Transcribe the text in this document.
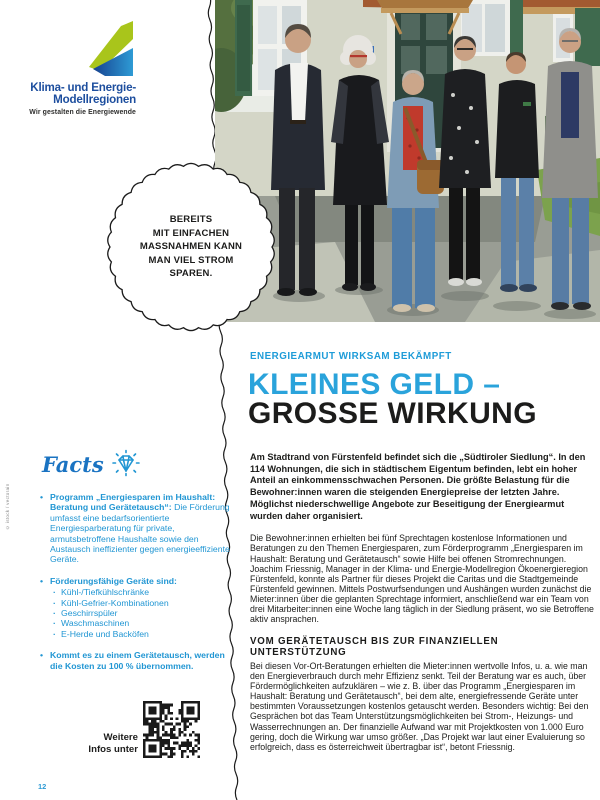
Klima- und Energie-
Modellregionen
Wir gestalten die Energiewende
BEREITS
MIT EINFACHEN
MASSNAHMEN KANN
MAN VIEL STROM
SPAREN.
ENERGIEARMUT WIRKSAM BEKÄMPFT
KLEINES GELD –
GROSSE WIRKUNG

Am Stadtrand von Fürstenfeld befindet sich die „Südtiroler Siedlung“. In den 114 Wohnungen, die sich in städtischem Eigentum befinden, lebt ein hoher Anteil an einkommensschwachen Personen. Die größte Belastung für die Bewohner:innen waren die steigenden Energiepreise der letzten Jahre. Möglichst niederschwellige Angebote zur Beseitigung der Energiearmut wurden daher organisiert.

Die Bewohner:innen erhielten bei fünf Sprechtagen kostenlose Informationen und Beratungen zu den Themen Energiesparen, zum Förderprogramm „Energiesparen im Haushalt: Beratung und Gerätetausch“ sowie Hilfe bei offenen Stromrechnungen. Joachim Friessnig, Manager in der Klima- und Energie-Modellregion Ökoenergieregion Fürstenfeld, konnte als Partner für dieses Projekt die Caritas und die Stadtgemeinde Fürstenfeld gewinnen. Mittels Postwurfsendungen und Aushängen wurden zunächst die Mieter:innen über die geplanten Sprechtage informiert, anschließend war ein Team von drei Mitarbeiter:innen eine Woche lang täglich in der Siedlung präsent, wo sie Betroffene aktiv ansprachen.

VOM GERÄTETAUSCH BIS ZUR FINANZIELLEN UNTERSTÜTZUNG

Bei diesen Vor-Ort-Beratungen erhielten die Mieter:innen wertvolle Infos, u. a. wie man den Energieverbrauch durch mehr Effizienz senkt. Teil der Beratung war es auch, über Fördermöglichkeiten aufzuklären – wie z. B. über das Programm „Energiesparen im Haushalt: Beratung und Gerätetausch“, bei dem alte, energiefressende Geräte unter bestimmten Voraussetzungen kostenlos getauscht werden. Besonders wichtig: Bei den Gesprächen bot das Team Unterstützungsmöglichkeiten bei Strom-, Heizungs- und Wasserrechnungen an. Der finanzielle Aufwand war mit Projektkosten von 1.000 Euro gering, doch die Wirkung war umso größer. „Das Projekt war laut einer Evaluierung so erfolgreich, dass es österreichweit übertragbar ist“, betont Friessnig.

© istock / vectorain
Facts
• Programm „Energiesparen im Haushalt: Beratung und Gerätetausch“: Die Förderung umfasst eine bedarfsorientierte Energiesparberatung für private, armutsbetroffene Haushalte sowie den Austausch ineffizienter gegen energieeffiziente Geräte.
• Förderungsfähige Geräte sind:
· Kühl-/Tiefkühlschränke
· Kühl-Gefrier-Kombinationen
· Geschirrspüler
· Waschmaschinen
· E-Herde und Backöfen
• Kommt es zu einem Gerätetausch, werden die Kosten zu 100 % übernommen.
Weitere
Infos unter
12
